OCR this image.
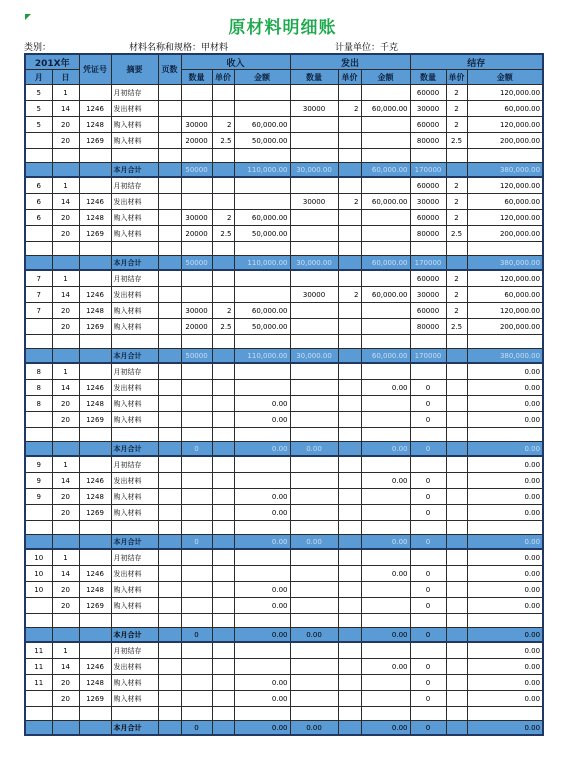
原材料明细账
类别：	材料名称和规格：甲材料	计量单位：千克
201X年		凭证号	摘要	页数	收入			发出			结存		
月	日				数量	单价	金额	数量	单价	金额	数量	单价	金额
5	1		月初结存								60000	2	120,000.00
5	14	1246	发出材料					30000	2	60,000.00	30000	2	60,000.00
5	20	1248	购入材料		30000	2	60,000.00				60000	2	120,000.00
	20	1269	购入材料		20000	2.5	50,000.00				80000	2.5	200,000.00

			本月合计		50000		110,000.00	30,000.00		60,000.00	170000		380,000.00
6	1		月初结存								60000	2	120,000.00
6	14	1246	发出材料					30000	2	60,000.00	30000	2	60,000.00
6	20	1248	购入材料		30000	2	60,000.00				60000	2	120,000.00
	20	1269	购入材料		20000	2.5	50,000.00				80000	2.5	200,000.00

			本月合计		50000		110,000.00	30,000.00		60,000.00	170000		380,000.00
7	1		月初结存								60000	2	120,000.00
7	14	1246	发出材料					30000	2	60,000.00	30000	2	60,000.00
7	20	1248	购入材料		30000	2	60,000.00				60000	2	120,000.00
	20	1269	购入材料		20000	2.5	50,000.00				80000	2.5	200,000.00

			本月合计		50000		110,000.00	30,000.00		60,000.00	170000		380,000.00
8	1		月初结存										0.00
8	14	1246	发出材料							0.00	0		0.00
8	20	1248	购入材料				0.00				0		0.00
	20	1269	购入材料				0.00				0		0.00

			本月合计		0		0.00	0.00		0.00	0		0.00
9	1		月初结存										0.00
9	14	1246	发出材料							0.00	0		0.00
9	20	1248	购入材料				0.00				0		0.00
	20	1269	购入材料				0.00				0		0.00

			本月合计		0		0.00	0.00		0.00	0		0.00
10	1		月初结存										0.00
10	14	1246	发出材料							0.00	0		0.00
10	20	1248	购入材料				0.00				0		0.00
	20	1269	购入材料				0.00				0		0.00

			本月合计		0		0.00	0.00		0.00	0		0.00
11	1		月初结存										0.00
11	14	1246	发出材料							0.00	0		0.00
11	20	1248	购入材料				0.00				0		0.00
	20	1269	购入材料				0.00				0		0.00

			本月合计		0		0.00	0.00		0.00	0		0.00
